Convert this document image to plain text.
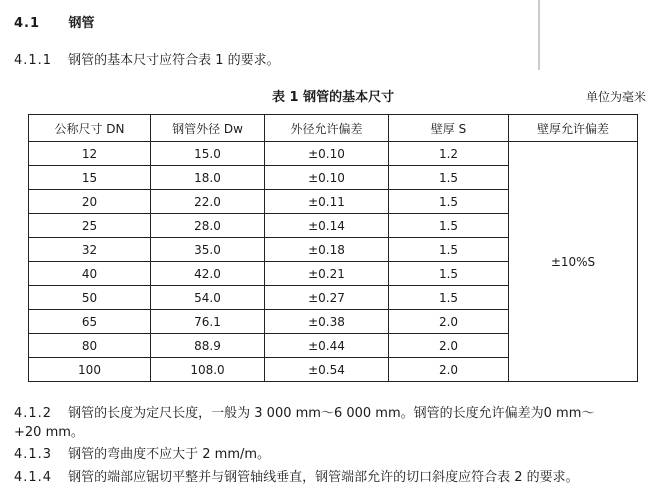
4.1 钢管
4.1.1 钢管的基本尺寸应符合表 1 的要求。
表 1 钢管的基本尺寸	单位为毫米
公称尺寸 DN	钢管外径 Dw	外径允许偏差	壁厚 S	壁厚允许偏差
12	15.0	±0.10	1.2	±10%S
15	18.0	±0.10	1.5	
20	22.0	±0.11	1.5	
25	28.0	±0.14	1.5	
32	35.0	±0.18	1.5	
40	42.0	±0.21	1.5	
50	54.0	±0.27	1.5	
65	76.1	±0.38	2.0	
80	88.9	±0.44	2.0	
100	108.0	±0.54	2.0	
4.1.2 钢管的长度为定尺长度，一般为 3 000 mm～6 000 mm。钢管的长度允许偏差为0 mm～
+20 mm。
4.1.3 钢管的弯曲度不应大于 2 mm/m。
4.1.4 钢管的端部应锯切平整并与钢管轴线垂直，钢管端部允许的切口斜度应符合表 2 的要求。
